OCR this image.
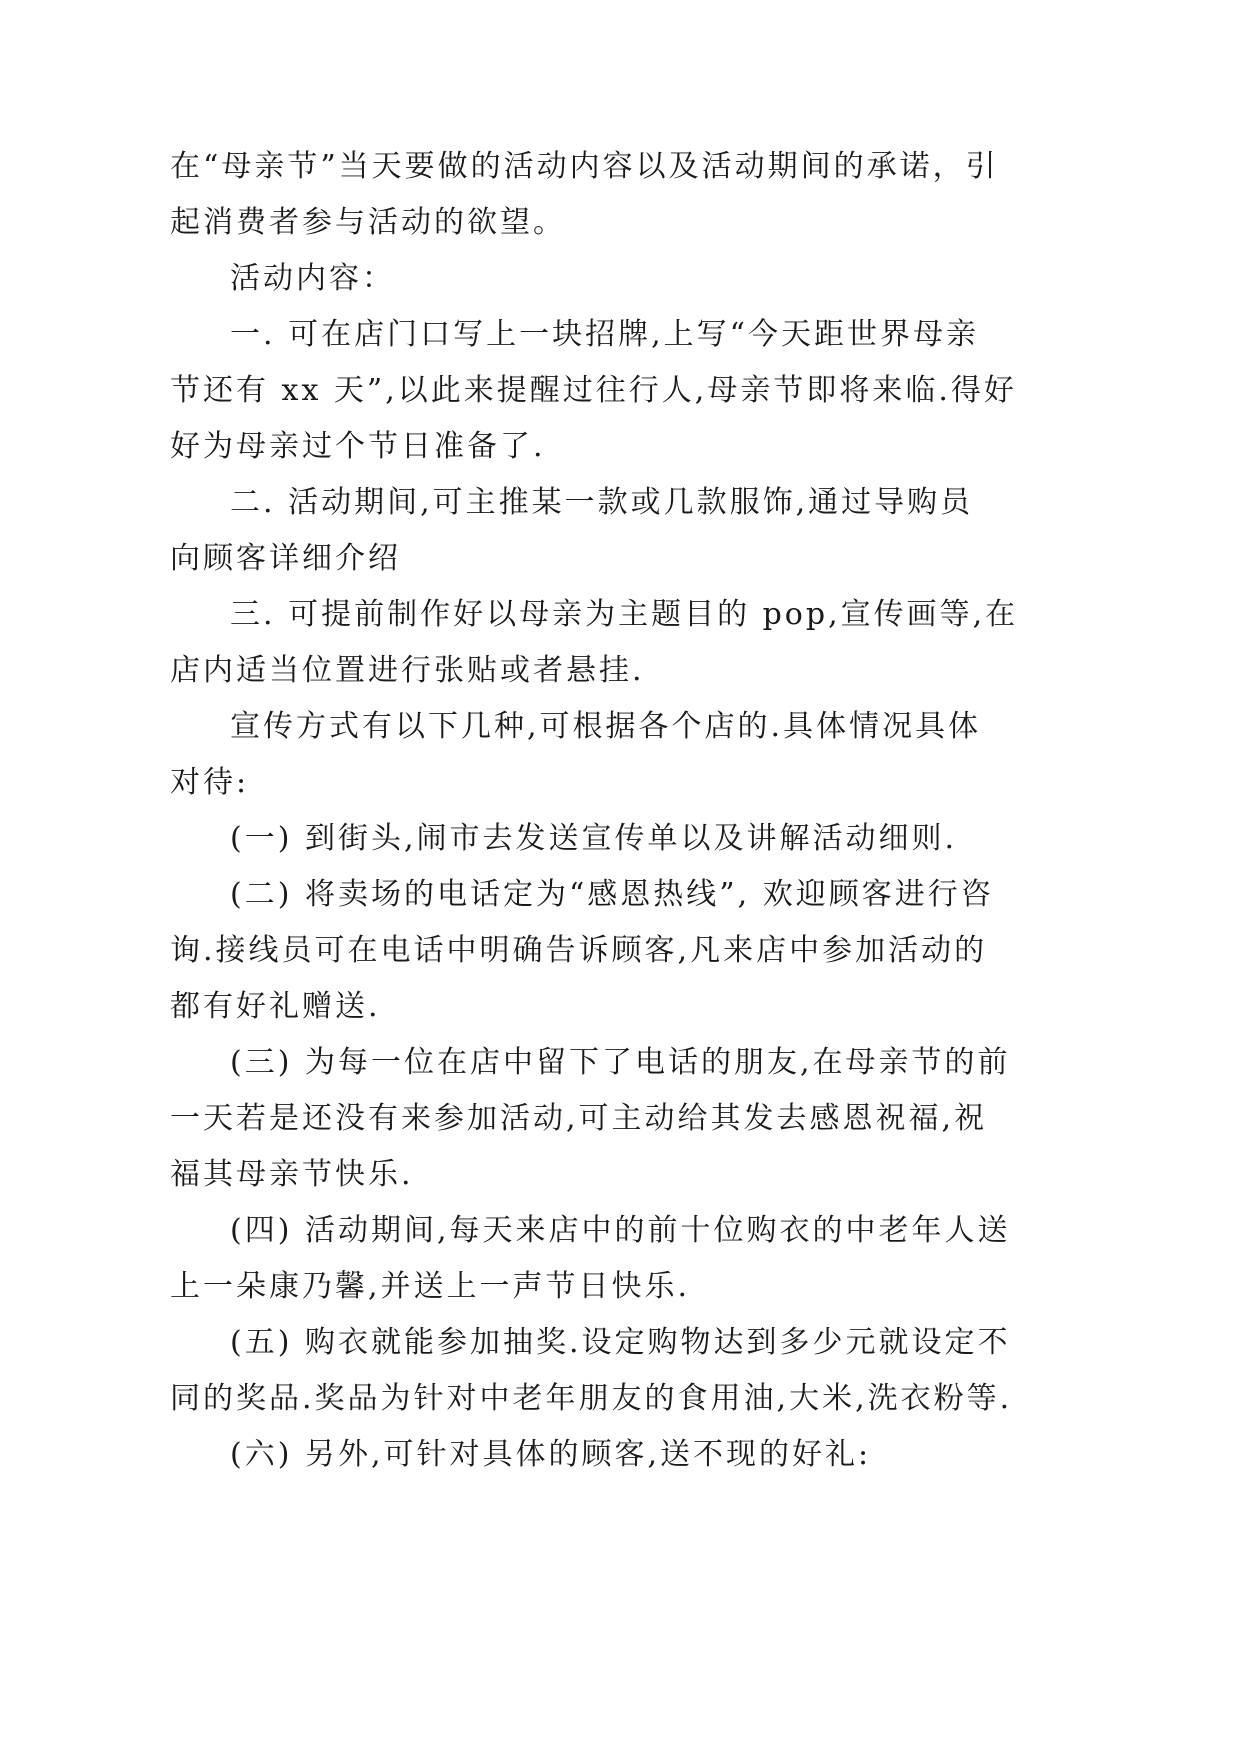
在“母亲节”当天要做的活动内容以及活动期间的承诺，引
起消费者参与活动的欲望。
活动内容：
一. 可在店门口写上一块招牌,上写“今天距世界母亲
节还有 xx 天”,以此来提醒过往行人,母亲节即将来临.得好
好为母亲过个节日准备了.
二. 活动期间,可主推某一款或几款服饰,通过导购员
向顾客详细介绍
三. 可提前制作好以母亲为主题目的 pop,宣传画等,在
店内适当位置进行张贴或者悬挂.
宣传方式有以下几种,可根据各个店的.具体情况具体
对待:
(一) 到街头,闹市去发送宣传单以及讲解活动细则.
(二) 将卖场的电话定为“感恩热线”, 欢迎顾客进行咨
询.接线员可在电话中明确告诉顾客,凡来店中参加活动的
都有好礼赠送.
(三) 为每一位在店中留下了电话的朋友,在母亲节的前
一天若是还没有来参加活动,可主动给其发去感恩祝福,祝
福其母亲节快乐.
(四) 活动期间,每天来店中的前十位购衣的中老年人送
上一朵康乃馨,并送上一声节日快乐.
(五) 购衣就能参加抽奖.设定购物达到多少元就设定不
同的奖品.奖品为针对中老年朋友的食用油,大米,洗衣粉等.
(六) 另外,可针对具体的顾客,送不现的好礼:
